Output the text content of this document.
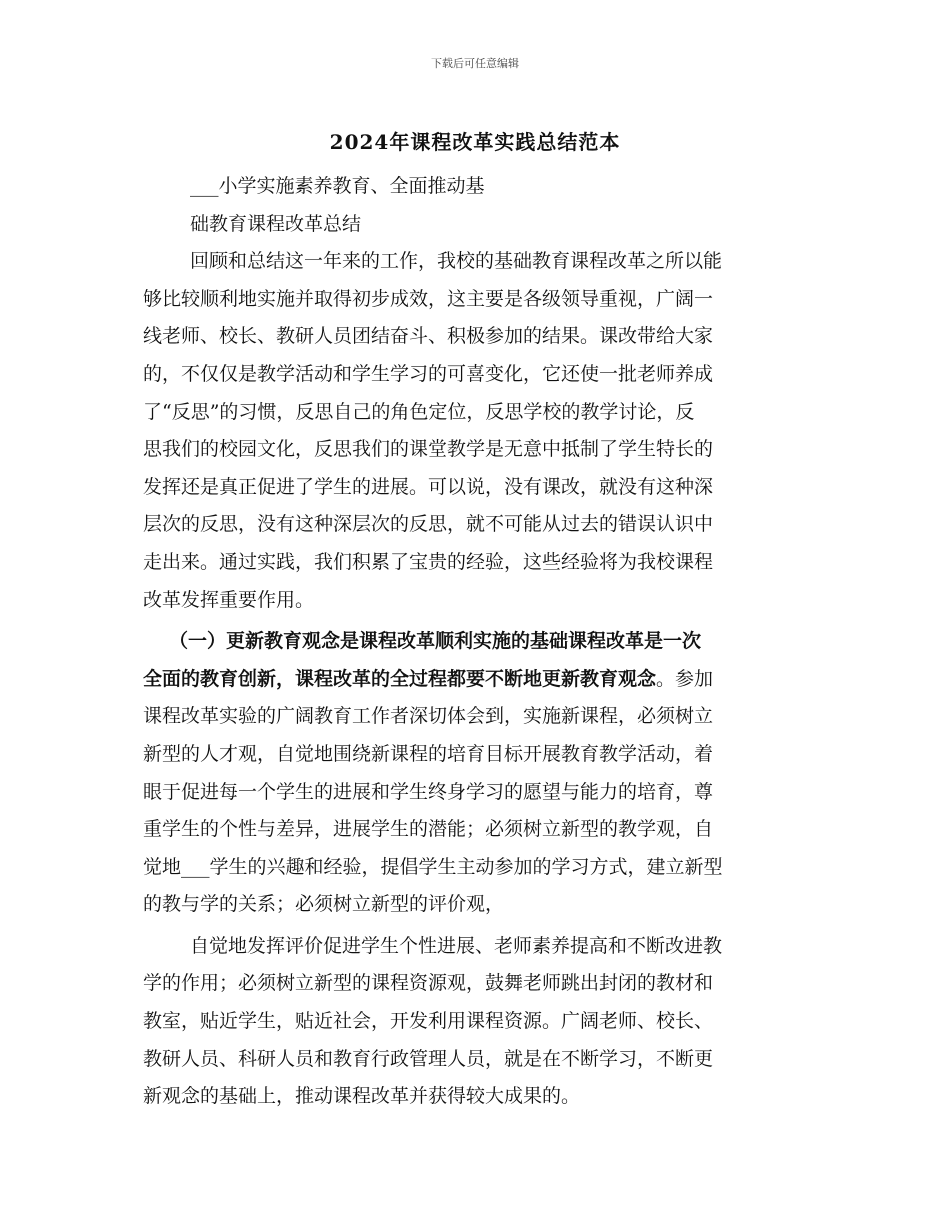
下载后可任意编辑
2024年课程改革实践总结范本
___小学实施素养教育、全面推动基
础教育课程改革总结
回顾和总结这一年来的工作，我校的基础教育课程改革之所以能
够比较顺利地实施并取得初步成效，这主要是各级领导重视，广阔一
线老师、校长、教研人员团结奋斗、积极参加的结果。课改带给大家
的，不仅仅是教学活动和学生学习的可喜变化，它还使一批老师养成
了“反思”的习惯，反思自己的角色定位，反思学校的教学讨论，反
思我们的校园文化，反思我们的课堂教学是无意中抵制了学生特长的
发挥还是真正促进了学生的进展。可以说，没有课改，就没有这种深
层次的反思，没有这种深层次的反思，就不可能从过去的错误认识中
走出来。通过实践，我们积累了宝贵的经验，这些经验将为我校课程
改革发挥重要作用。
（一）更新教育观念是课程改革顺利实施的基础课程改革是一次
全面的教育创新，课程改革的全过程都要不断地更新教育观念。参加
课程改革实验的广阔教育工作者深切体会到，实施新课程，必须树立
新型的人才观，自觉地围绕新课程的培育目标开展教育教学活动，着
眼于促进每一个学生的进展和学生终身学习的愿望与能力的培育，尊
重学生的个性与差异，进展学生的潜能；必须树立新型的教学观，自
觉地___学生的兴趣和经验，提倡学生主动参加的学习方式，建立新型
的教与学的关系；必须树立新型的评价观，
自觉地发挥评价促进学生个性进展、老师素养提高和不断改进教
学的作用；必须树立新型的课程资源观，鼓舞老师跳出封闭的教材和
教室，贴近学生，贴近社会，开发利用课程资源。广阔老师、校长、
教研人员、科研人员和教育行政管理人员，就是在不断学习，不断更
新观念的基础上，推动课程改革并获得较大成果的。
